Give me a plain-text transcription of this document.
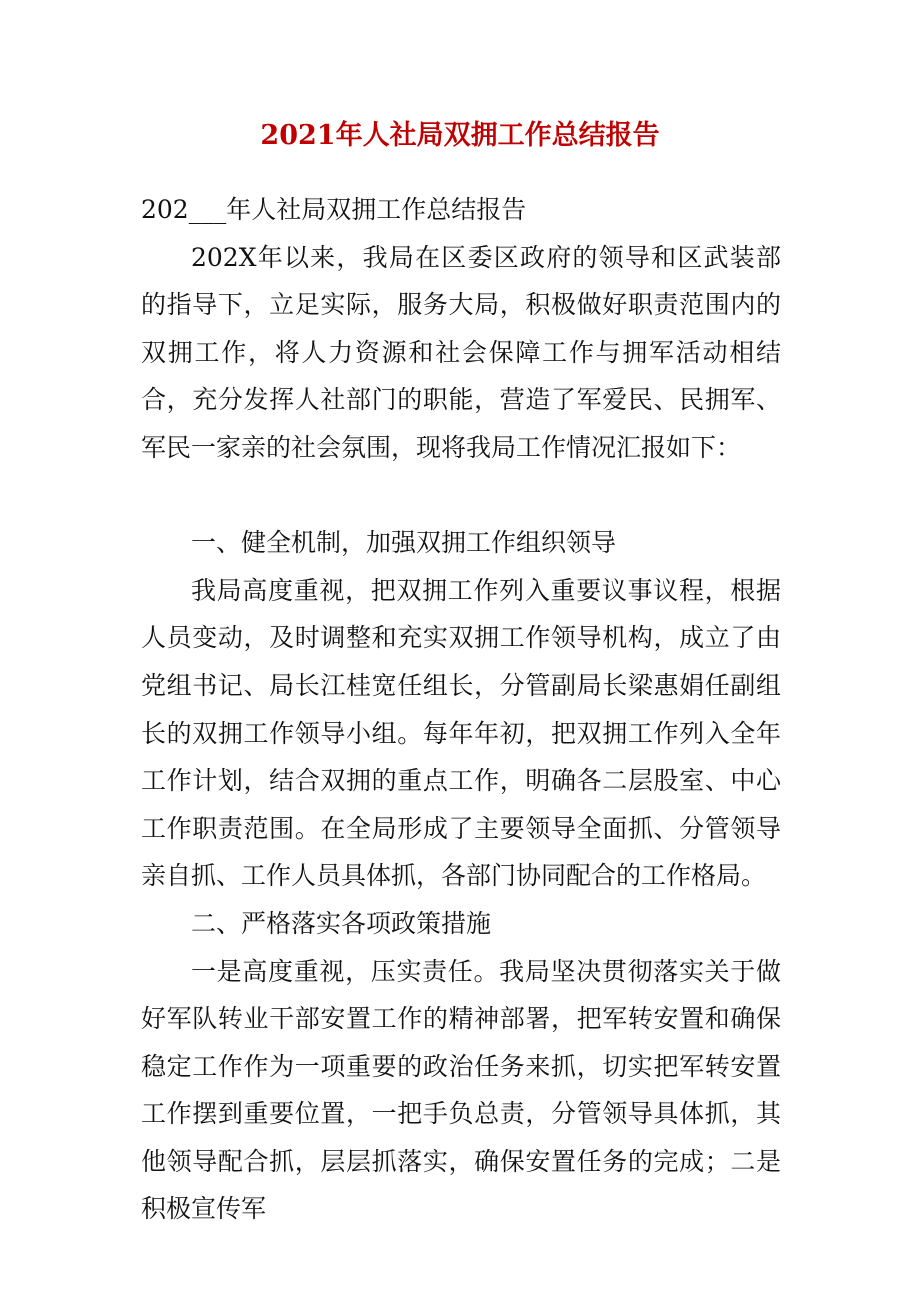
2021年人社局双拥工作总结报告

202___年人社局双拥工作总结报告

202X年以来，我局在区委区政府的领导和区武装部的指导下，立足实际，服务大局，积极做好职责范围内的双拥工作，将人力资源和社会保障工作与拥军活动相结合，充分发挥人社部门的职能，营造了军爱民、民拥军、军民一家亲的社会氛围，现将我局工作情况汇报如下：

一、健全机制，加强双拥工作组织领导

我局高度重视，把双拥工作列入重要议事议程，根据人员变动，及时调整和充实双拥工作领导机构，成立了由党组书记、局长江桂宽任组长，分管副局长梁惠娟任副组长的双拥工作领导小组。每年年初，把双拥工作列入全年工作计划，结合双拥的重点工作，明确各二层股室、中心工作职责范围。在全局形成了主要领导全面抓、分管领导亲自抓、工作人员具体抓，各部门协同配合的工作格局。

二、严格落实各项政策措施

一是高度重视，压实责任。我局坚决贯彻落实关于做好军队转业干部安置工作的精神部署，把军转安置和确保稳定工作作为一项重要的政治任务来抓，切实把军转安置工作摆到重要位置，一把手负总责，分管领导具体抓，其他领导配合抓，层层抓落实，确保安置任务的完成；二是积极宣传军
